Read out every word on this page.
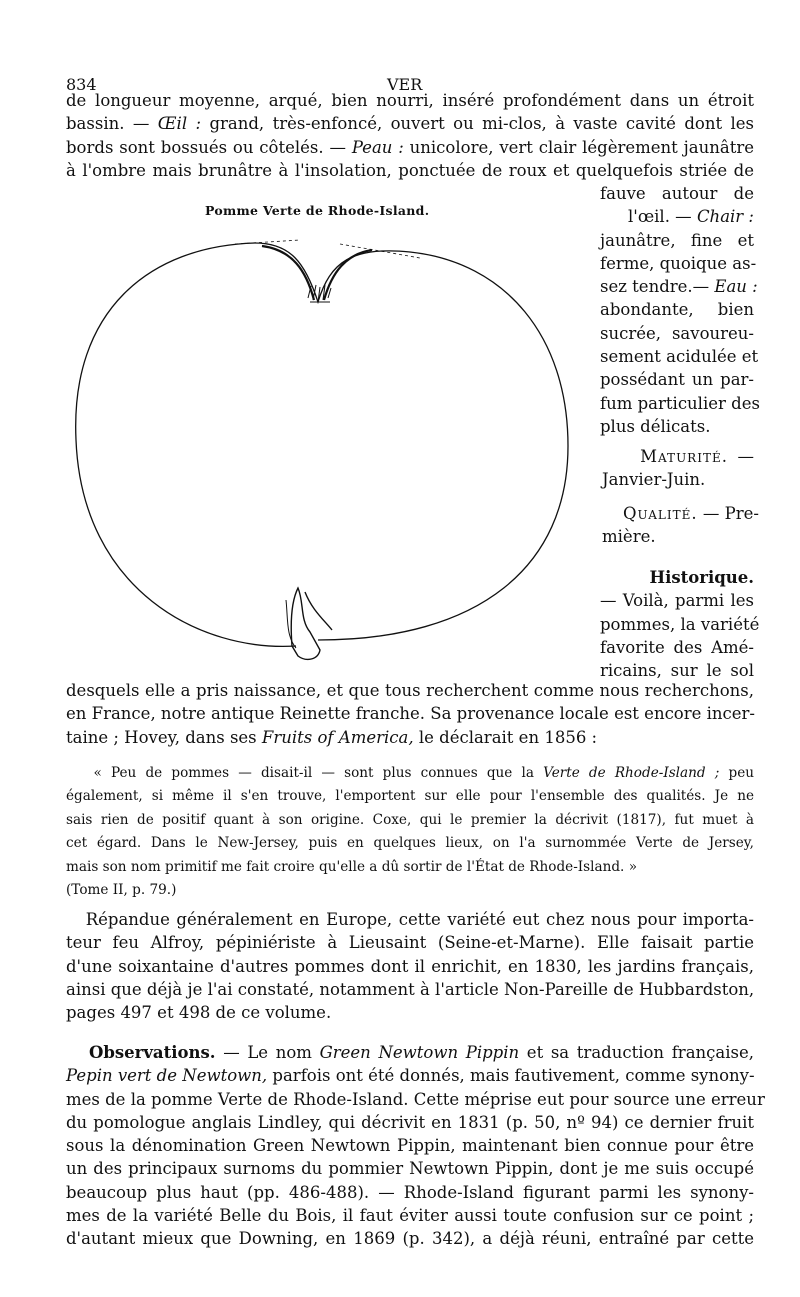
834	VER
Pomme Verte de Rhode-Island.
de longueur moyenne, arqué, bien nourri, inséré profondément dans un étroit
bassin. — Œil : grand, très-enfoncé, ouvert ou mi-clos, à vaste cavité dont les
bords sont bossués ou côtelés. — Peau : unicolore, vert clair légèrement jaunâtre
à l'ombre mais brunâtre à l'insolation, ponctuée de roux et quelquefois striée de
fauve autour de
l'œil. — Chair :
jaunâtre, fine et
ferme, quoique as-
sez tendre.— Eau :
abondante, bien
sucrée, savoureu-
sement acidulée et
possédant un par-
fum particulier des
plus délicats.
Maturité. —
Janvier-Juin.
Qualité. — Pre-
mière.
Historique.
— Voilà, parmi les
pommes, la variété
favorite des Amé-
ricains, sur le sol
desquels elle a pris naissance, et que tous recherchent comme nous recherchons,
en France, notre antique Reinette franche. Sa provenance locale est encore incer-
taine ; Hovey, dans ses Fruits of America, le déclarait en 1856 :
« Peu de pommes — disait-il — sont plus connues que la Verte de Rhode-Island ; peu
également, si même il s'en trouve, l'emportent sur elle pour l'ensemble des qualités. Je ne
sais rien de positif quant à son origine. Coxe, qui le premier la décrivit (1817), fut muet à
cet égard. Dans le New-Jersey, puis en quelques lieux, on l'a surnommée Verte de Jersey,
mais son nom primitif me fait croire qu'elle a dû sortir de l'État de Rhode-Island. »
(Tome II, p. 79.)
Répandue généralement en Europe, cette variété eut chez nous pour importa-
teur feu Alfroy, pépiniériste à Lieusaint (Seine-et-Marne). Elle faisait partie
d'une soixantaine d'autres pommes dont il enrichit, en 1830, les jardins français,
ainsi que déjà je l'ai constaté, notamment à l'article Non-Pareille de Hubbardston,
pages 497 et 498 de ce volume.
Observations. — Le nom Green Newtown Pippin et sa traduction française,
Pepin vert de Newtown, parfois ont été donnés, mais fautivement, comme synony-
mes de la pomme Verte de Rhode-Island. Cette méprise eut pour source une erreur
du pomologue anglais Lindley, qui décrivit en 1831 (p. 50, nº 94) ce dernier fruit
sous la dénomination Green Newtown Pippin, maintenant bien connue pour être
un des principaux surnoms du pommier Newtown Pippin, dont je me suis occupé
beaucoup plus haut (pp. 486-488). — Rhode-Island figurant parmi les synony-
mes de la variété Belle du Bois, il faut éviter aussi toute confusion sur ce point ;
d'autant mieux que Downing, en 1869 (p. 342), a déjà réuni, entraîné par cette
